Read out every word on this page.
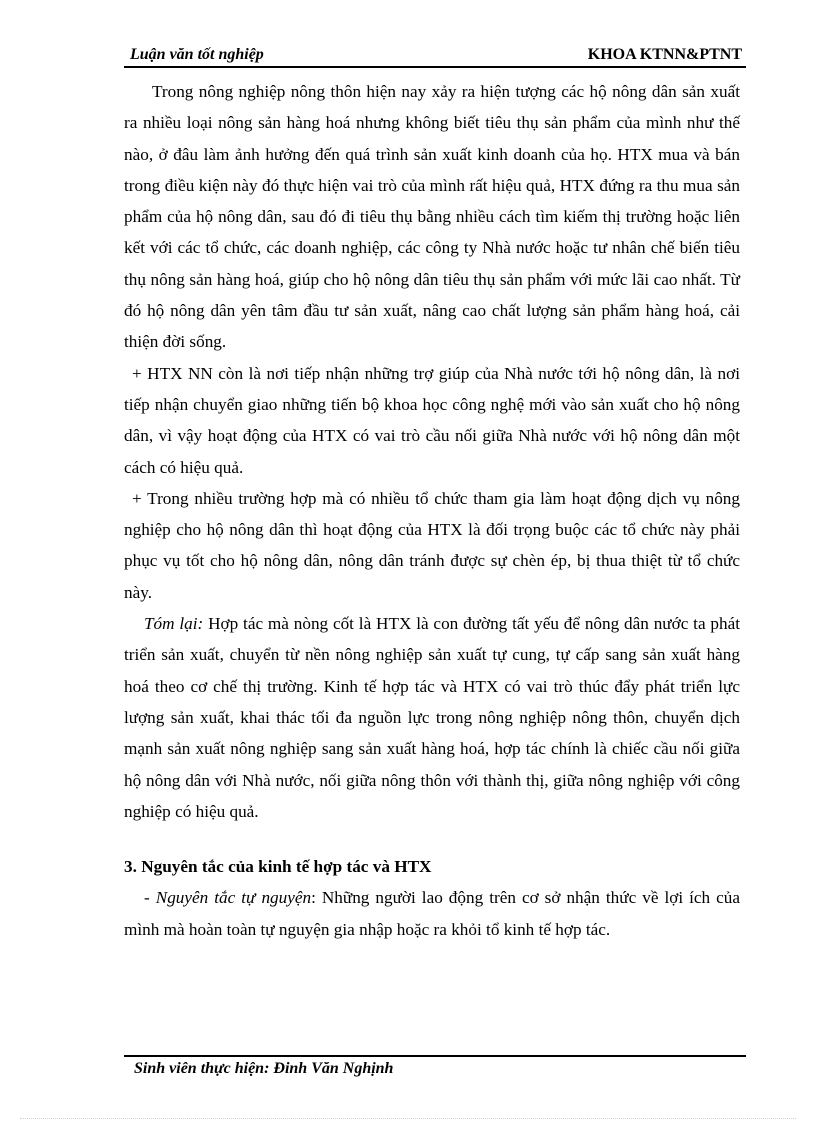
Luận văn tốt nghiệp	KHOA KTNN&PTNT

Trong nông nghiệp nông thôn hiện nay xảy ra hiện tượng các hộ nông dân sản xuất ra nhiều loại nông sản hàng hoá nhưng không biết tiêu thụ sản phẩm của mình như thế nào, ở đâu làm ảnh hưởng đến quá trình sản xuất kinh doanh của họ. HTX mua và bán trong điều kiện này đó thực hiện vai trò của mình rất hiệu quả, HTX đứng ra thu mua sản phẩm của hộ nông dân, sau đó đi tiêu thụ bằng nhiều cách tìm kiếm thị trường hoặc liên kết với các tổ chức, các doanh nghiệp, các công ty Nhà nước hoặc tư nhân chế biến tiêu thụ nông sản hàng hoá, giúp cho hộ nông dân tiêu thụ sản phẩm với mức lãi cao nhất. Từ đó hộ nông dân yên tâm đầu tư sản xuất, nâng cao chất lượng sản phẩm hàng hoá, cải thiện đời sống.

+ HTX NN còn là nơi tiếp nhận những trợ giúp của Nhà nước tới hộ nông dân, là nơi tiếp nhận chuyển giao những tiến bộ khoa học công nghệ mới vào sản xuất cho hộ nông dân, vì vậy hoạt động của HTX có vai trò cầu nối giữa Nhà nước với hộ nông dân một cách có hiệu quả.

+ Trong nhiều trường hợp mà có nhiều tổ chức tham gia làm hoạt động dịch vụ nông nghiệp cho hộ nông dân thì hoạt động của HTX là đối trọng buộc các tổ chức này phải phục vụ tốt cho hộ nông dân, nông dân tránh được sự chèn ép, bị thua thiệt từ tổ chức này.

Tóm lại: Hợp tác mà nòng cốt là HTX là con đường tất yếu để nông dân nước ta phát triển sản xuất, chuyển từ nền nông nghiệp sản xuất tự cung, tự cấp sang sản xuất hàng hoá theo cơ chế thị trường. Kinh tế hợp tác và HTX có vai trò thúc đẩy phát triển lực lượng sản xuất, khai thác tối đa nguồn lực trong nông nghiệp nông thôn, chuyển dịch mạnh sản xuất nông nghiệp sang sản xuất hàng hoá, hợp tác chính là chiếc cầu nối giữa hộ nông dân với Nhà nước, nối giữa nông thôn với thành thị, giữa nông nghiệp với công nghiệp có hiệu quả.

3. Nguyên tắc của kinh tế hợp tác và HTX

- Nguyên tắc tự nguyện: Những người lao động trên cơ sở nhận thức về lợi ích của mình mà hoàn toàn tự nguyện gia nhập hoặc ra khỏi tổ kinh tế hợp tác.

Sinh viên thực hiện: Đinh Văn Nghịnh
